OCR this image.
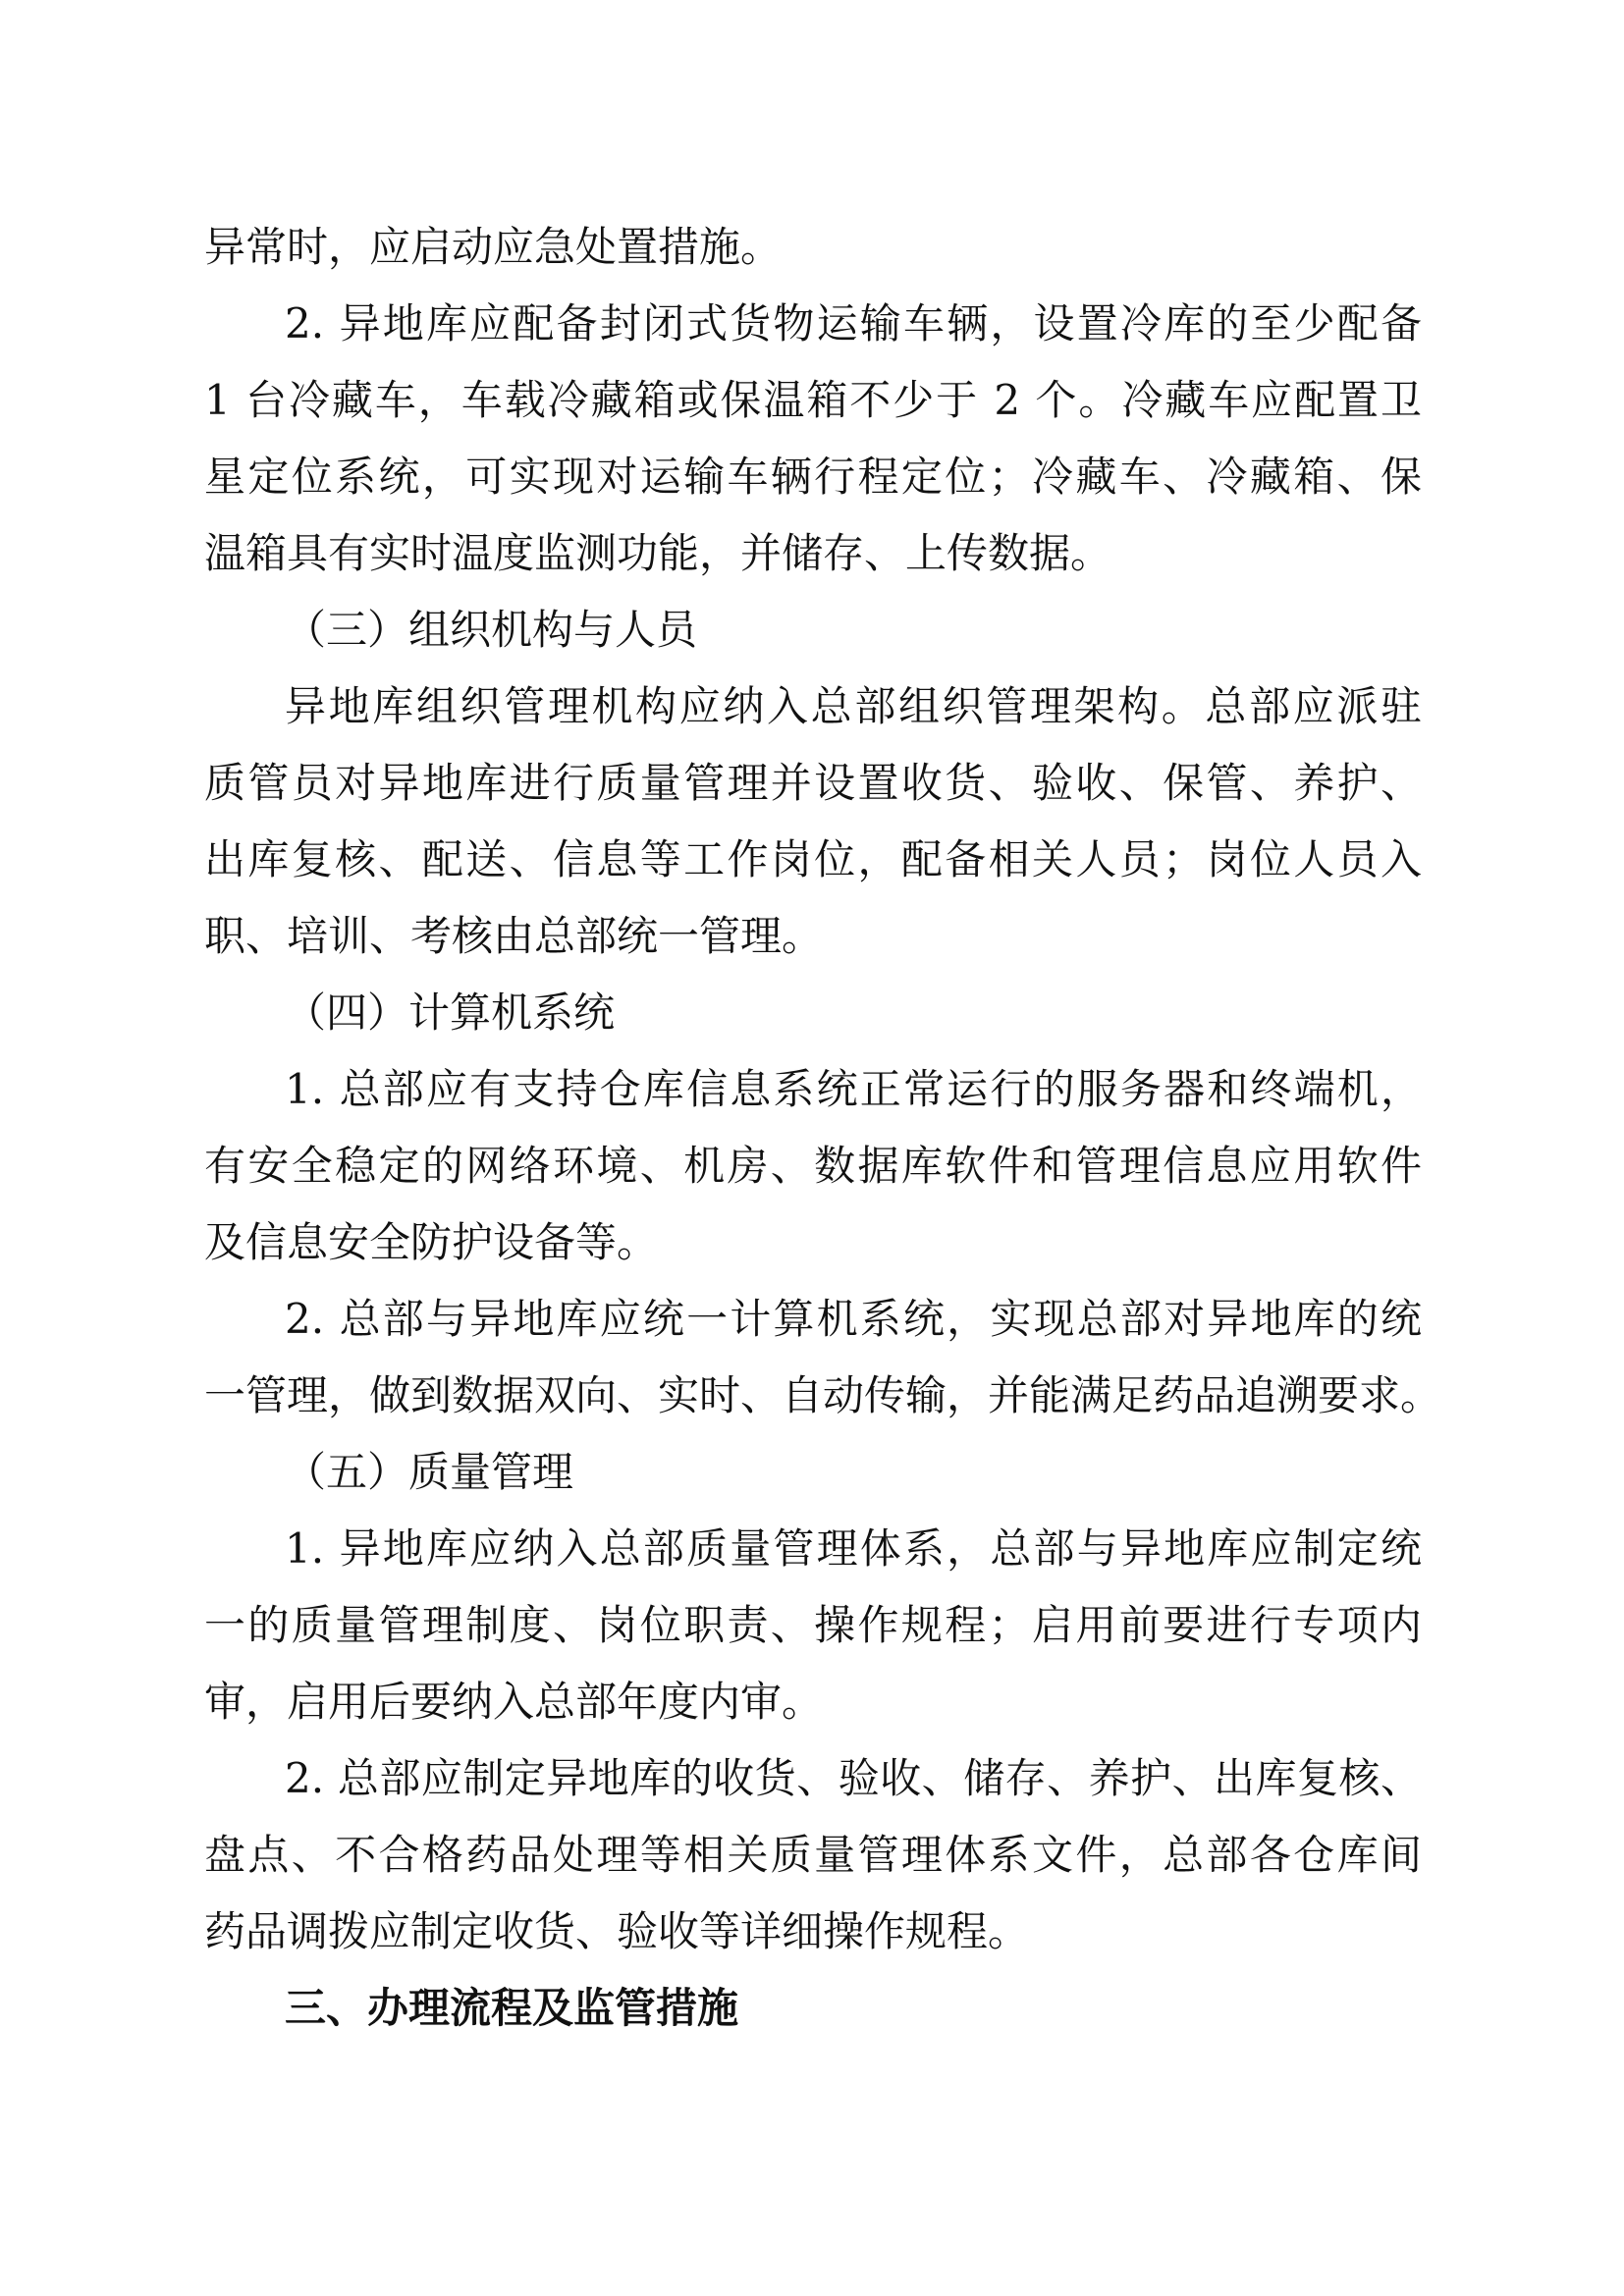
异常时，应启动应急处置措施。
2. 异地库应配备封闭式货物运输车辆，设置冷库的至少配备
1 台冷藏车，车载冷藏箱或保温箱不少于 2 个。冷藏车应配置卫
星定位系统，可实现对运输车辆行程定位；冷藏车、冷藏箱、保
温箱具有实时温度监测功能，并储存、上传数据。
（三）组织机构与人员
异地库组织管理机构应纳入总部组织管理架构。总部应派驻
质管员对异地库进行质量管理并设置收货、验收、保管、养护、
出库复核、配送、信息等工作岗位，配备相关人员；岗位人员入
职、培训、考核由总部统一管理。
（四）计算机系统
1. 总部应有支持仓库信息系统正常运行的服务器和终端机，
有安全稳定的网络环境、机房、数据库软件和管理信息应用软件
及信息安全防护设备等。
2. 总部与异地库应统一计算机系统，实现总部对异地库的统
一管理，做到数据双向、实时、自动传输，并能满足药品追溯要求。
（五）质量管理
1. 异地库应纳入总部质量管理体系，总部与异地库应制定统
一的质量管理制度、岗位职责、操作规程；启用前要进行专项内
审，启用后要纳入总部年度内审。
2. 总部应制定异地库的收货、验收、储存、养护、出库复核、
盘点、不合格药品处理等相关质量管理体系文件，总部各仓库间
药品调拨应制定收货、验收等详细操作规程。
三、办理流程及监管措施
